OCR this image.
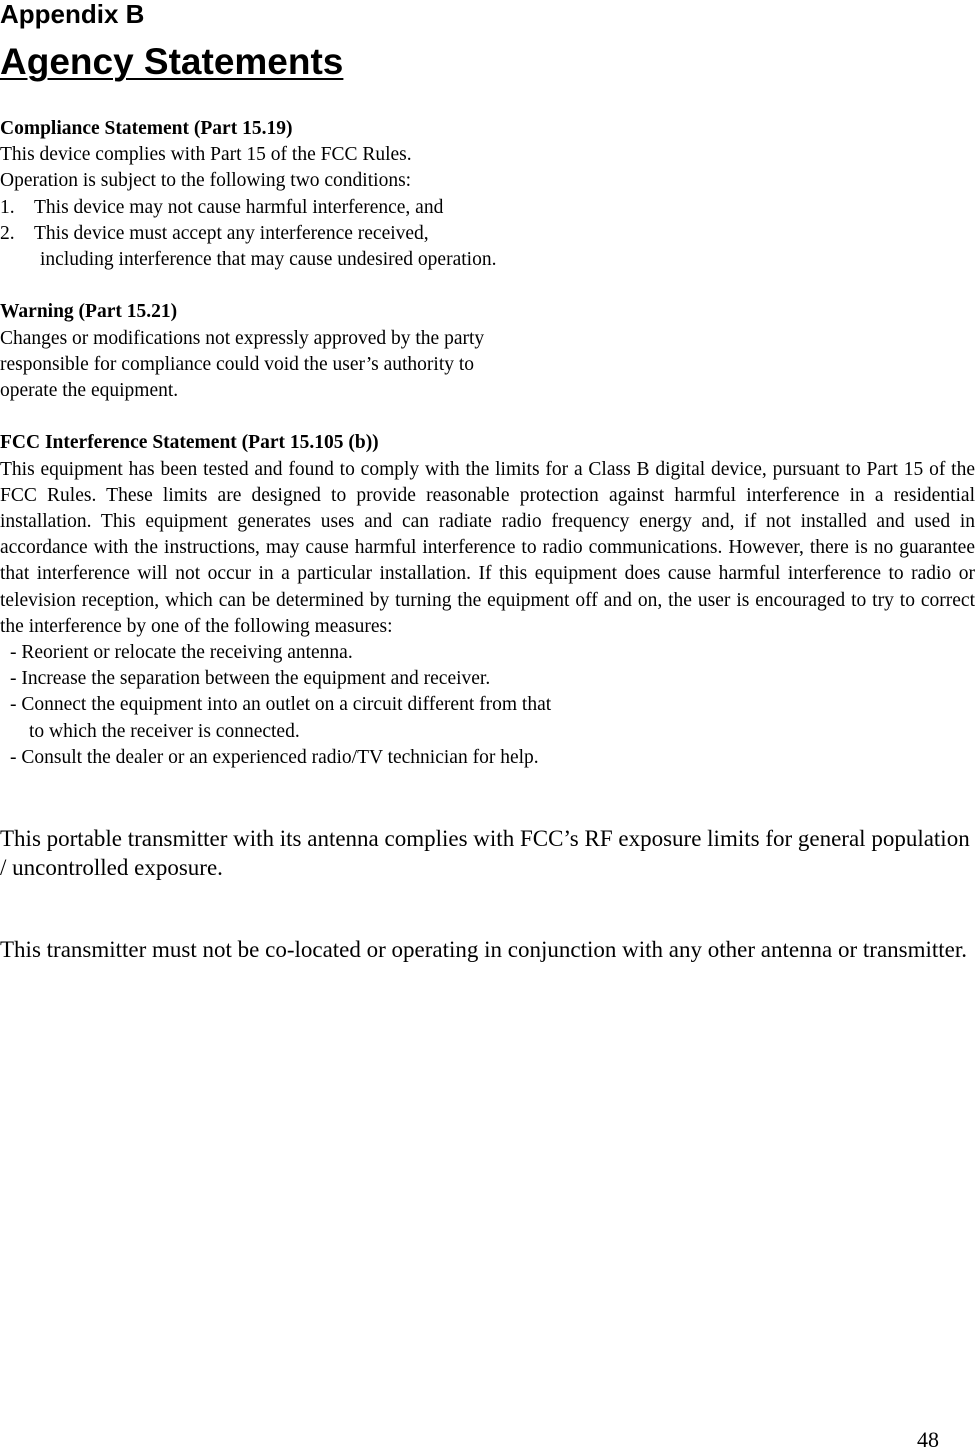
Appendix B
Agency Statements
Compliance Statement (Part 15.19)
This device complies with Part 15 of the FCC Rules.
Operation is subject to the following two conditions:
1. This device may not cause harmful interference, and
2. This device must accept any interference received,
including interference that may cause undesired operation.
Warning (Part 15.21)
Changes or modifications not expressly approved by the party
responsible for compliance could void the user’s authority to
operate the equipment.
FCC Interference Statement (Part 15.105 (b))
This equipment has been tested and found to comply with the limits for a Class B digital device, pursuant to Part 15 of the FCC Rules. These limits are designed to provide reasonable protection against harmful interference in a residential installation. This equipment generates uses and can radiate radio frequency energy and, if not installed and used in accordance with the instructions, may cause harmful interference to radio communications. However, there is no guarantee that interference will not occur in a particular installation. If this equipment does cause harmful interference to radio or television reception, which can be determined by turning the equipment off and on, the user is encouraged to try to correct the interference by one of the following measures:
- Reorient or relocate the receiving antenna.
- Increase the separation between the equipment and receiver.
- Connect the equipment into an outlet on a circuit different from that
to which the receiver is connected.
- Consult the dealer or an experienced radio/TV technician for help.

This portable transmitter with its antenna complies with FCC’s RF exposure limits for general population / uncontrolled exposure.

This transmitter must not be co-located or operating in conjunction with any other antenna or transmitter.

48
